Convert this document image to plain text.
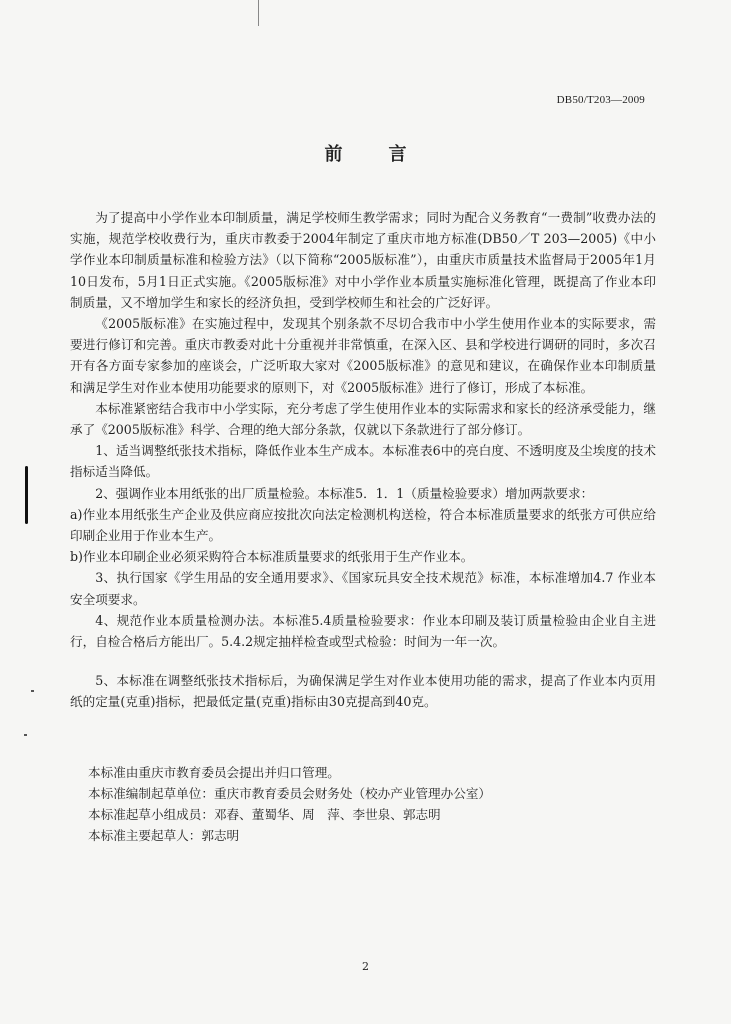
DB50/T203—2009
前言

为了提高中小学作业本印制质量，满足学校师生教学需求；同时为配合义务教育“一费制”收费办法的实施，规范学校收费行为，重庆市教委于2004年制定了重庆市地方标准(DB50／T 203—2005)《中小学作业本印制质量标准和检验方法》（以下简称“2005版标准”），由重庆市质量技术监督局于2005年1月10日发布，5月1日正式实施。《2005版标准》对中小学作业本质量实施标准化管理，既提高了作业本印制质量，又不增加学生和家长的经济负担，受到学校师生和社会的广泛好评。

《2005版标准》在实施过程中，发现其个别条款不尽切合我市中小学生使用作业本的实际要求，需要进行修订和完善。重庆市教委对此十分重视并非常慎重，在深入区、县和学校进行调研的同时，多次召开有各方面专家参加的座谈会，广泛听取大家对《2005版标准》的意见和建议，在确保作业本印制质量和满足学生对作业本使用功能要求的原则下，对《2005版标准》进行了修订，形成了本标准。

本标准紧密结合我市中小学实际，充分考虑了学生使用作业本的实际需求和家长的经济承受能力，继承了《2005版标准》科学、合理的绝大部分条款，仅就以下条款进行了部分修订。

1、适当调整纸张技术指标，降低作业本生产成本。本标准表6中的亮白度、不透明度及尘埃度的技术指标适当降低。

2、强调作业本用纸张的出厂质量检验。本标准5．1．1（质量检验要求）增加两款要求：

a)作业本用纸张生产企业及供应商应按批次向法定检测机构送检，符合本标准质量要求的纸张方可供应给印刷企业用于作业本生产。

b)作业本印刷企业必须采购符合本标准质量要求的纸张用于生产作业本。

3、执行国家《学生用品的安全通用要求》、《国家玩具安全技术规范》标准，本标准增加4.7 作业本安全项要求。

4、规范作业本质量检测办法。本标准5.4质量检验要求：作业本印刷及装订质量检验由企业自主进行，自检合格后方能出厂。5.4.2规定抽样检查或型式检验：时间为一年一次。

5、本标准在调整纸张技术指标后，为确保满足学生对作业本使用功能的需求，提高了作业本内页用纸的定量(克重)指标，把最低定量(克重)指标由30克提高到40克。

本标准由重庆市教育委员会提出并归口管理。
本标准编制起草单位：重庆市教育委员会财务处（校办产业管理办公室）
本标准起草小组成员：邓舂、董蜀华、周　萍、李世泉、郭志明
本标准主要起草人：郭志明
2
